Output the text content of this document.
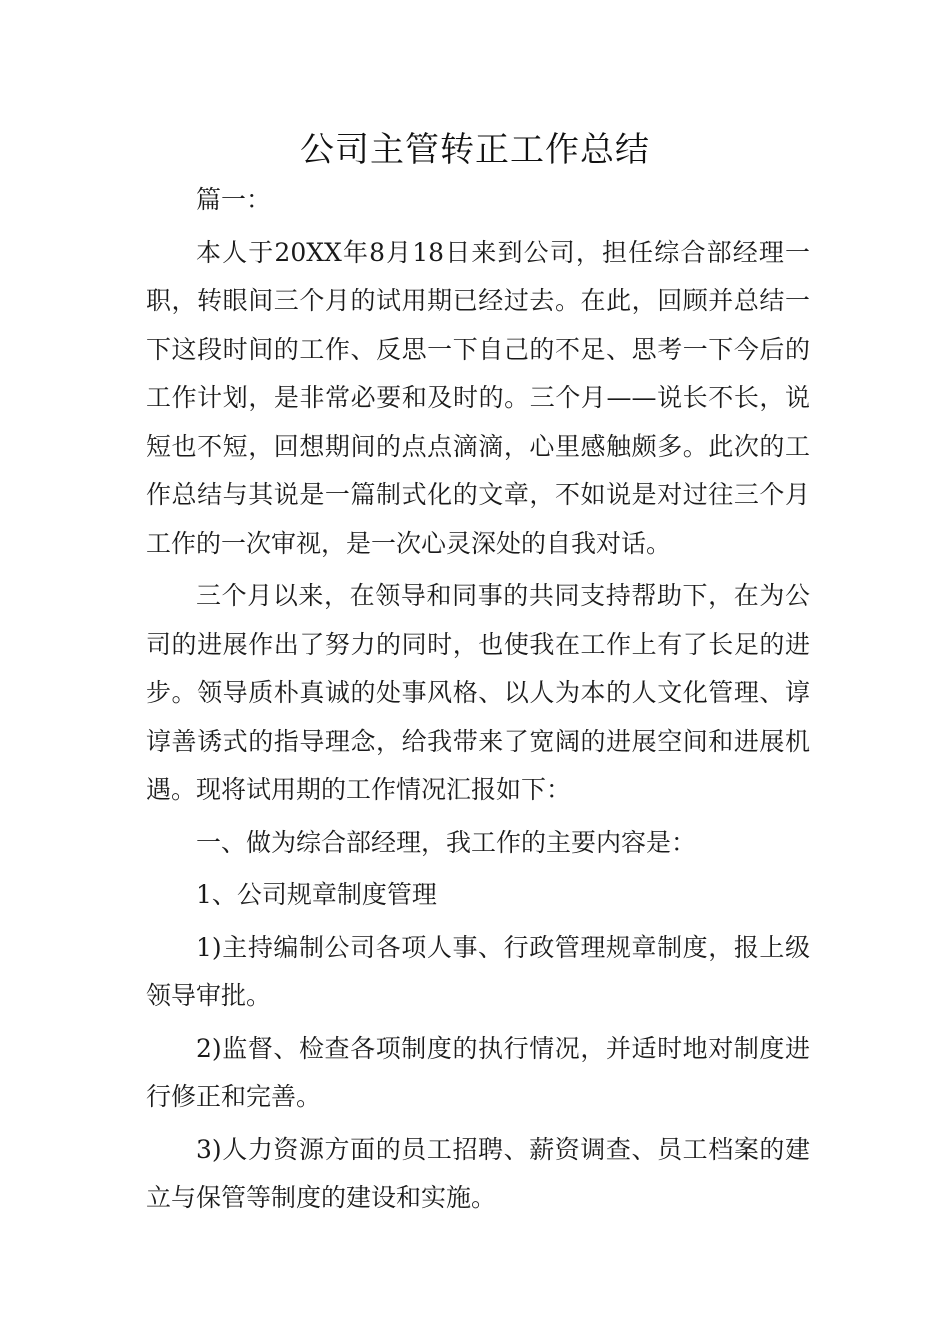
公司主管转正工作总结

篇一：

本人于20XX年8月18日来到公司，担任综合部经理一职，转眼间三个月的试用期已经过去。在此，回顾并总结一下这段时间的工作、反思一下自己的不足、思考一下今后的工作计划，是非常必要和及时的。三个月——说长不长，说短也不短，回想期间的点点滴滴，心里感触颇多。此次的工作总结与其说是一篇制式化的文章，不如说是对过往三个月工作的一次审视，是一次心灵深处的自我对话。

三个月以来，在领导和同事的共同支持帮助下，在为公司的进展作出了努力的同时，也使我在工作上有了长足的进步。领导质朴真诚的处事风格、以人为本的人文化管理、谆谆善诱式的指导理念，给我带来了宽阔的进展空间和进展机遇。现将试用期的工作情况汇报如下：

一、做为综合部经理，我工作的主要内容是：

1、公司规章制度管理

1)主持编制公司各项人事、行政管理规章制度，报上级领导审批。

2)监督、检查各项制度的执行情况，并适时地对制度进行修正和完善。

3)人力资源方面的员工招聘、薪资调查、员工档案的建立与保管等制度的建设和实施。
